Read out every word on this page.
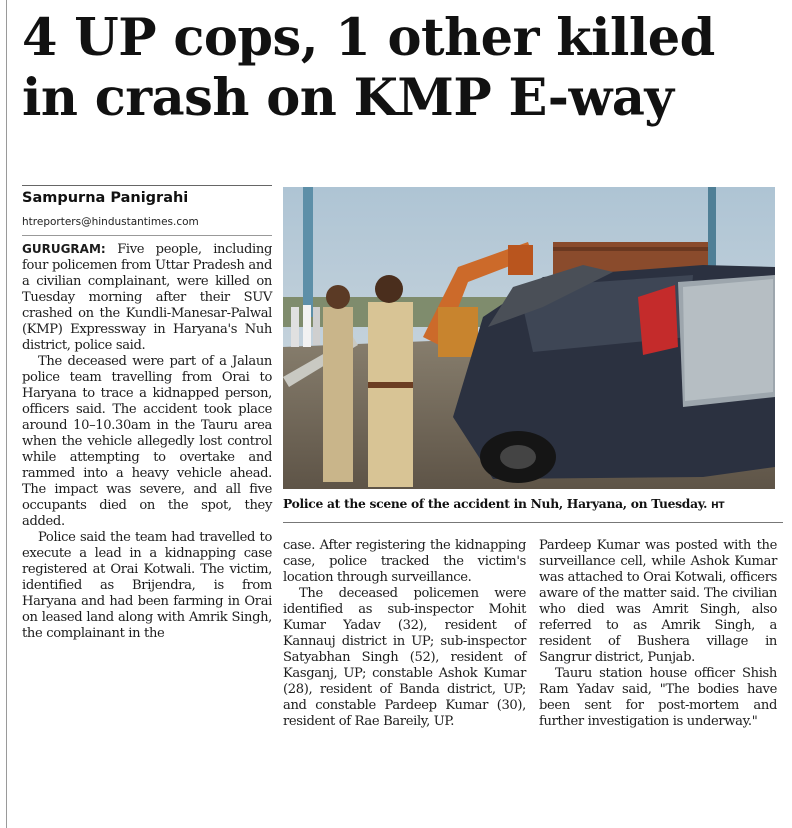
4 UP cops, 1 other killed
in crash on KMP E-way
Sampurna Panigrahi
htreporters@hindustantimes.com

GURUGRAM: Five people, including four policemen from Uttar Pradesh and a civilian complainant, were killed on Tuesday morning after their SUV crashed on the Kundli-Manesar-Palwal (KMP) Expressway in Haryana's Nuh district, police said.

The deceased were part of a Jalaun police team travelling from Orai to Haryana to trace a kidnapped person, officers said. The accident took place around 10–10.30am in the Tauru area when the vehicle allegedly lost control while attempting to overtake and rammed into a heavy vehicle ahead. The impact was severe, and all five occupants died on the spot, they added.

Police said the team had travelled to execute a lead in a kidnapping case registered at Orai Kotwali. The victim, identified as Brijendra, is from Haryana and had been farming in Orai on leased land along with Amrik Singh, the complainant in the

Police at the scene of the accident in Nuh, Haryana, on Tuesday. HT

case. After registering the kidnapping case, police tracked the victim's location through surveillance.

The deceased policemen were identified as sub-inspector Mohit Kumar Yadav (32), resident of Kannauj district in UP; sub-inspector Satyabhan Singh (52), resident of Kasganj, UP; constable Ashok Kumar (28), resident of Banda district, UP; and constable Pardeep Kumar (30), resident of Rae Bareily, UP.

Pardeep Kumar was posted with the surveillance cell, while Ashok Kumar was attached to Orai Kotwali, officers aware of the matter said. The civilian who died was Amrit Singh, also referred to as Amrik Singh, a resident of Bushera village in Sangrur district, Punjab.

Tauru station house officer Shish Ram Yadav said, "The bodies have been sent for post-mortem and further investigation is underway."
